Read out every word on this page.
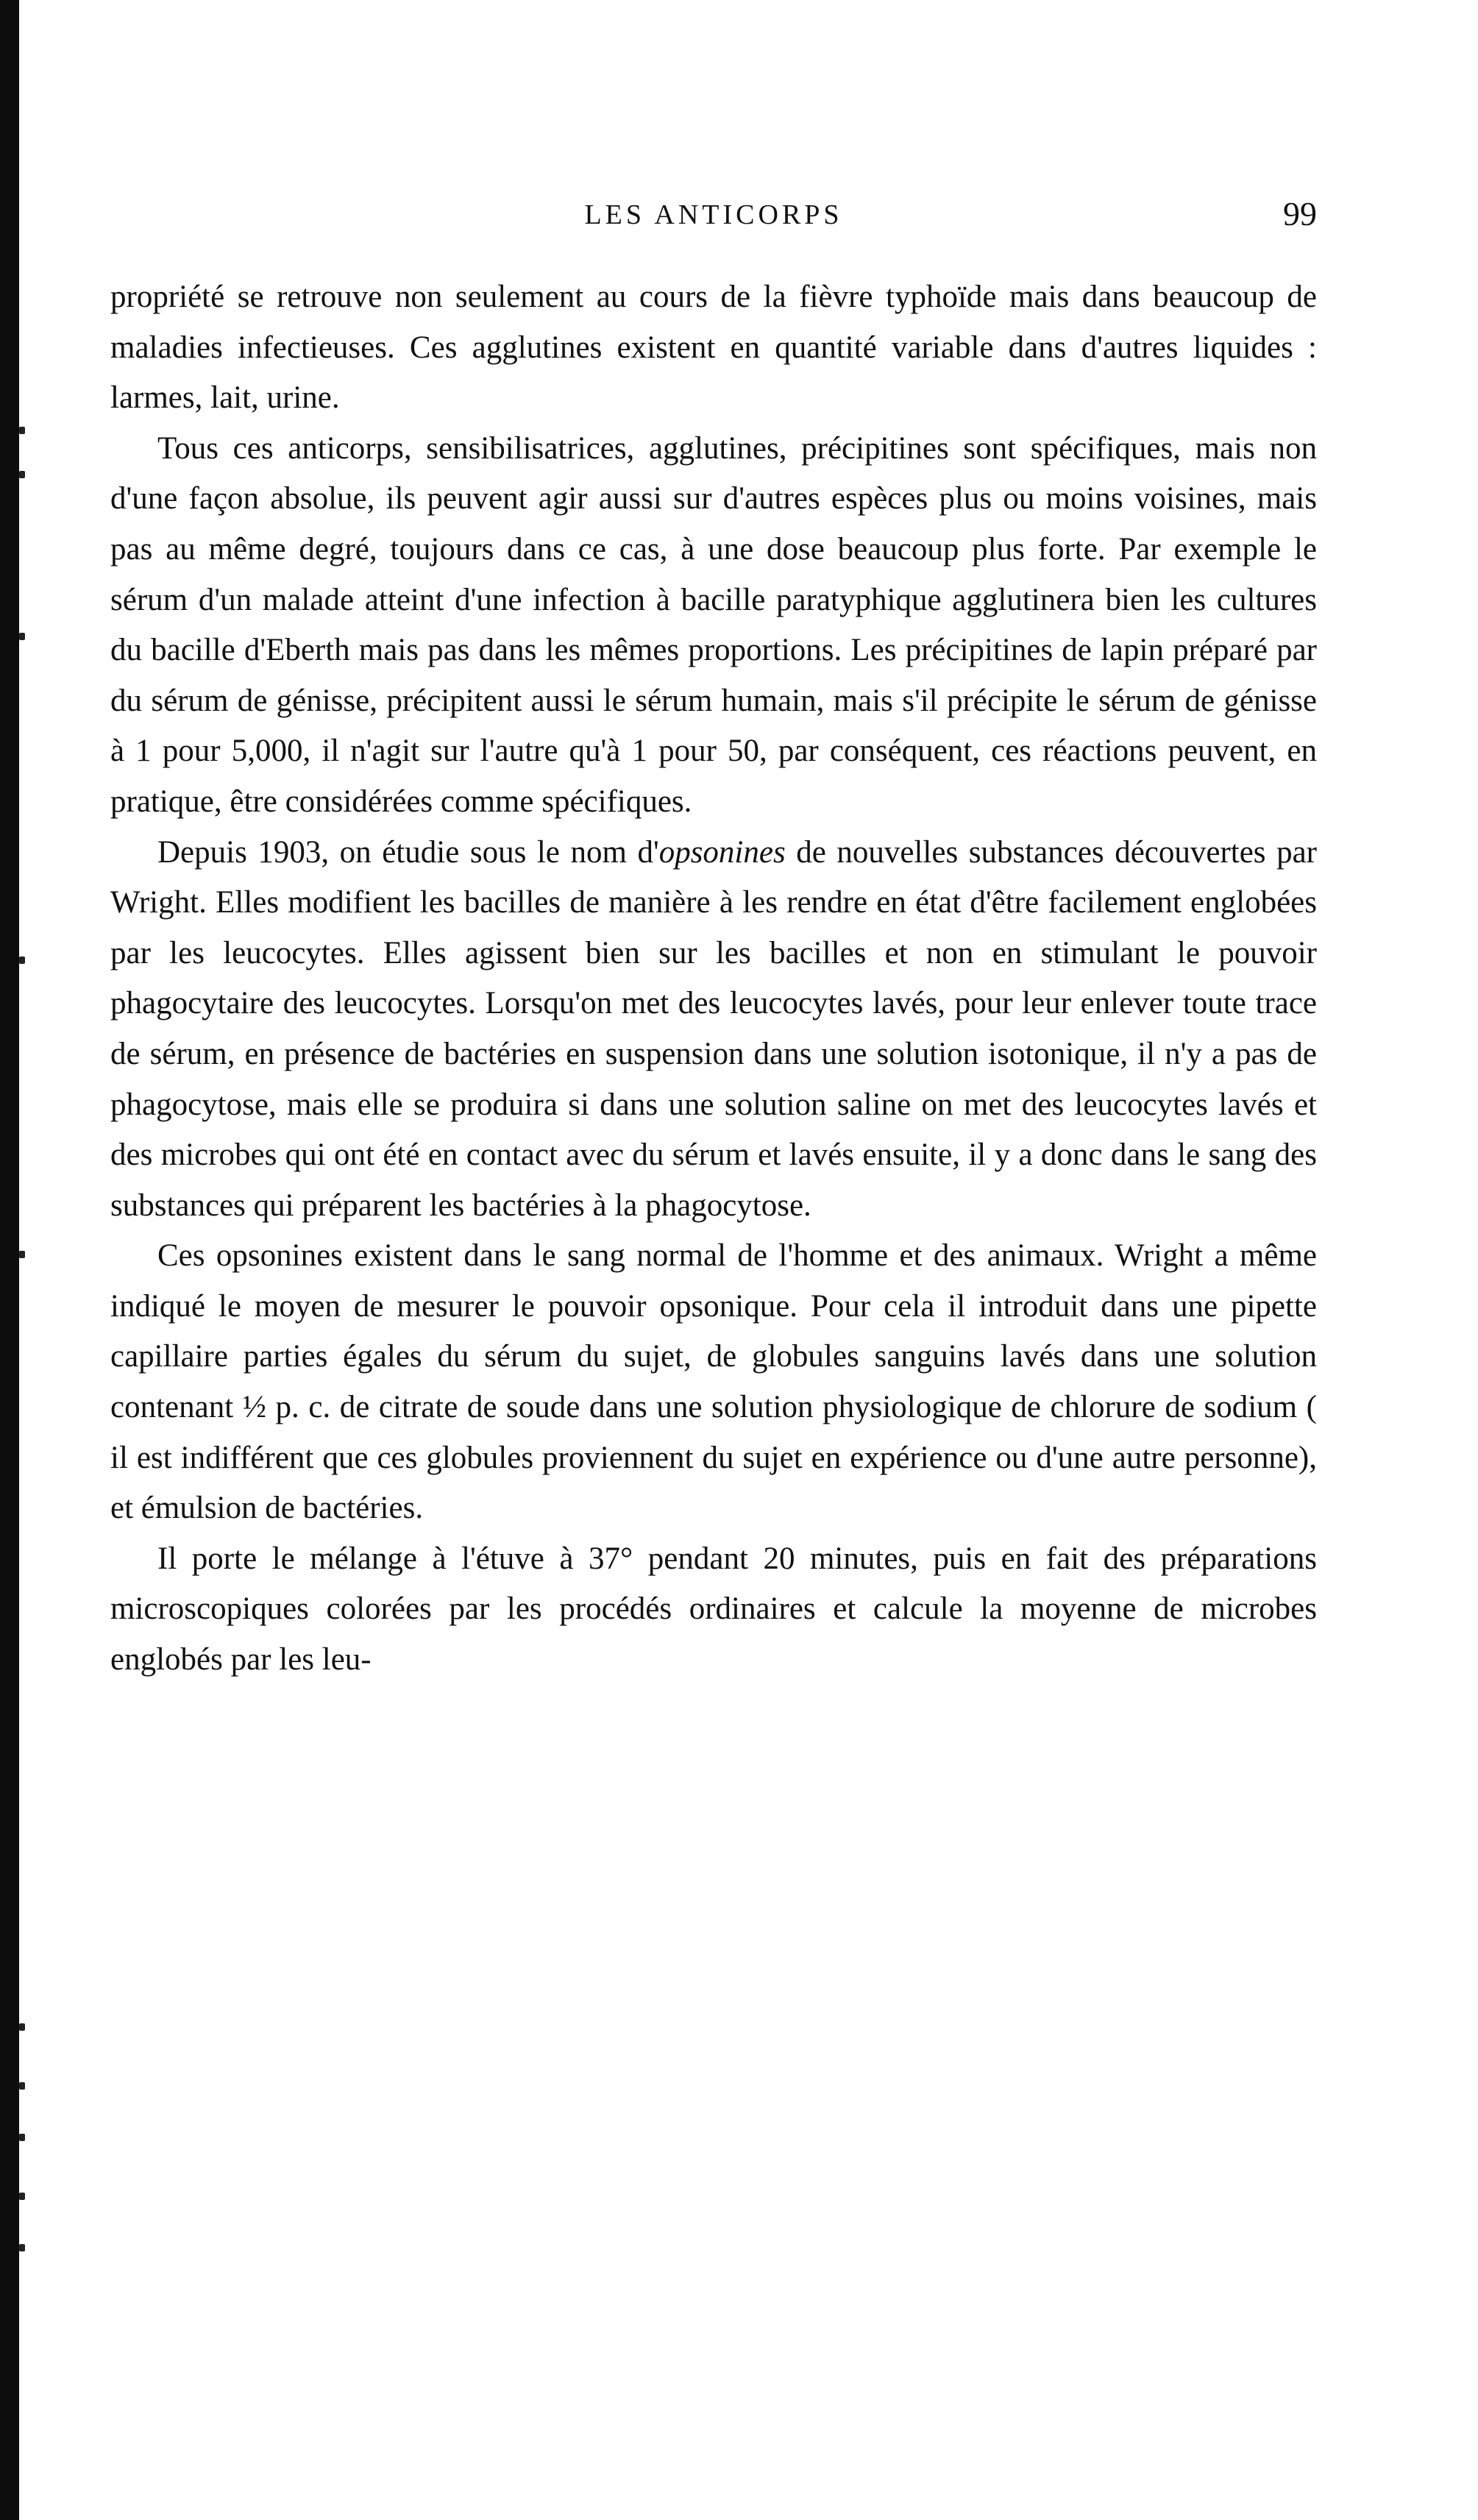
LES ANTICORPS	99

propriété se retrouve non seulement au cours de la fièvre typhoïde mais dans beaucoup de maladies infectieuses. Ces agglutines existent en quantité variable dans d'autres liquides : larmes, lait, urine.

Tous ces anticorps, sensibilisatrices, agglutines, précipitines sont spécifiques, mais non d'une façon absolue, ils peuvent agir aussi sur d'autres espèces plus ou moins voisines, mais pas au même degré, toujours dans ce cas, à une dose beaucoup plus forte. Par exemple le sérum d'un malade atteint d'une infection à bacille paratyphique agglutinera bien les cultures du bacille d'Eberth mais pas dans les mêmes proportions. Les précipitines de lapin préparé par du sérum de génisse, précipitent aussi le sérum humain, mais s'il précipite le sérum de génisse à 1 pour 5,000, il n'agit sur l'autre qu'à 1 pour 50, par conséquent, ces réactions peuvent, en pratique, être considérées comme spécifiques.

Depuis 1903, on étudie sous le nom d'opsonines de nouvelles substances découvertes par Wright. Elles modifient les bacilles de manière à les rendre en état d'être facilement englobées par les leucocytes. Elles agissent bien sur les bacilles et non en stimulant le pouvoir phagocytaire des leucocytes. Lorsqu'on met des leucocytes lavés, pour leur enlever toute trace de sérum, en présence de bactéries en suspension dans une solution isotonique, il n'y a pas de phagocytose, mais elle se produira si dans une solution saline on met des leucocytes lavés et des microbes qui ont été en contact avec du sérum et lavés ensuite, il y a donc dans le sang des substances qui préparent les bactéries à la phagocytose.

Ces opsonines existent dans le sang normal de l'homme et des animaux. Wright a même indiqué le moyen de mesurer le pouvoir opsonique. Pour cela il introduit dans une pipette capillaire parties égales du sérum du sujet, de globules sanguins lavés dans une solution contenant ½ p. c. de citrate de soude dans une solution physiologique de chlorure de sodium ( il est indifférent que ces globules proviennent du sujet en expérience ou d'une autre personne), et émulsion de bactéries.

Il porte le mélange à l'étuve à 37° pendant 20 minutes, puis en fait des préparations microscopiques colorées par les procédés ordinaires et calcule la moyenne de microbes englobés par les leu-
